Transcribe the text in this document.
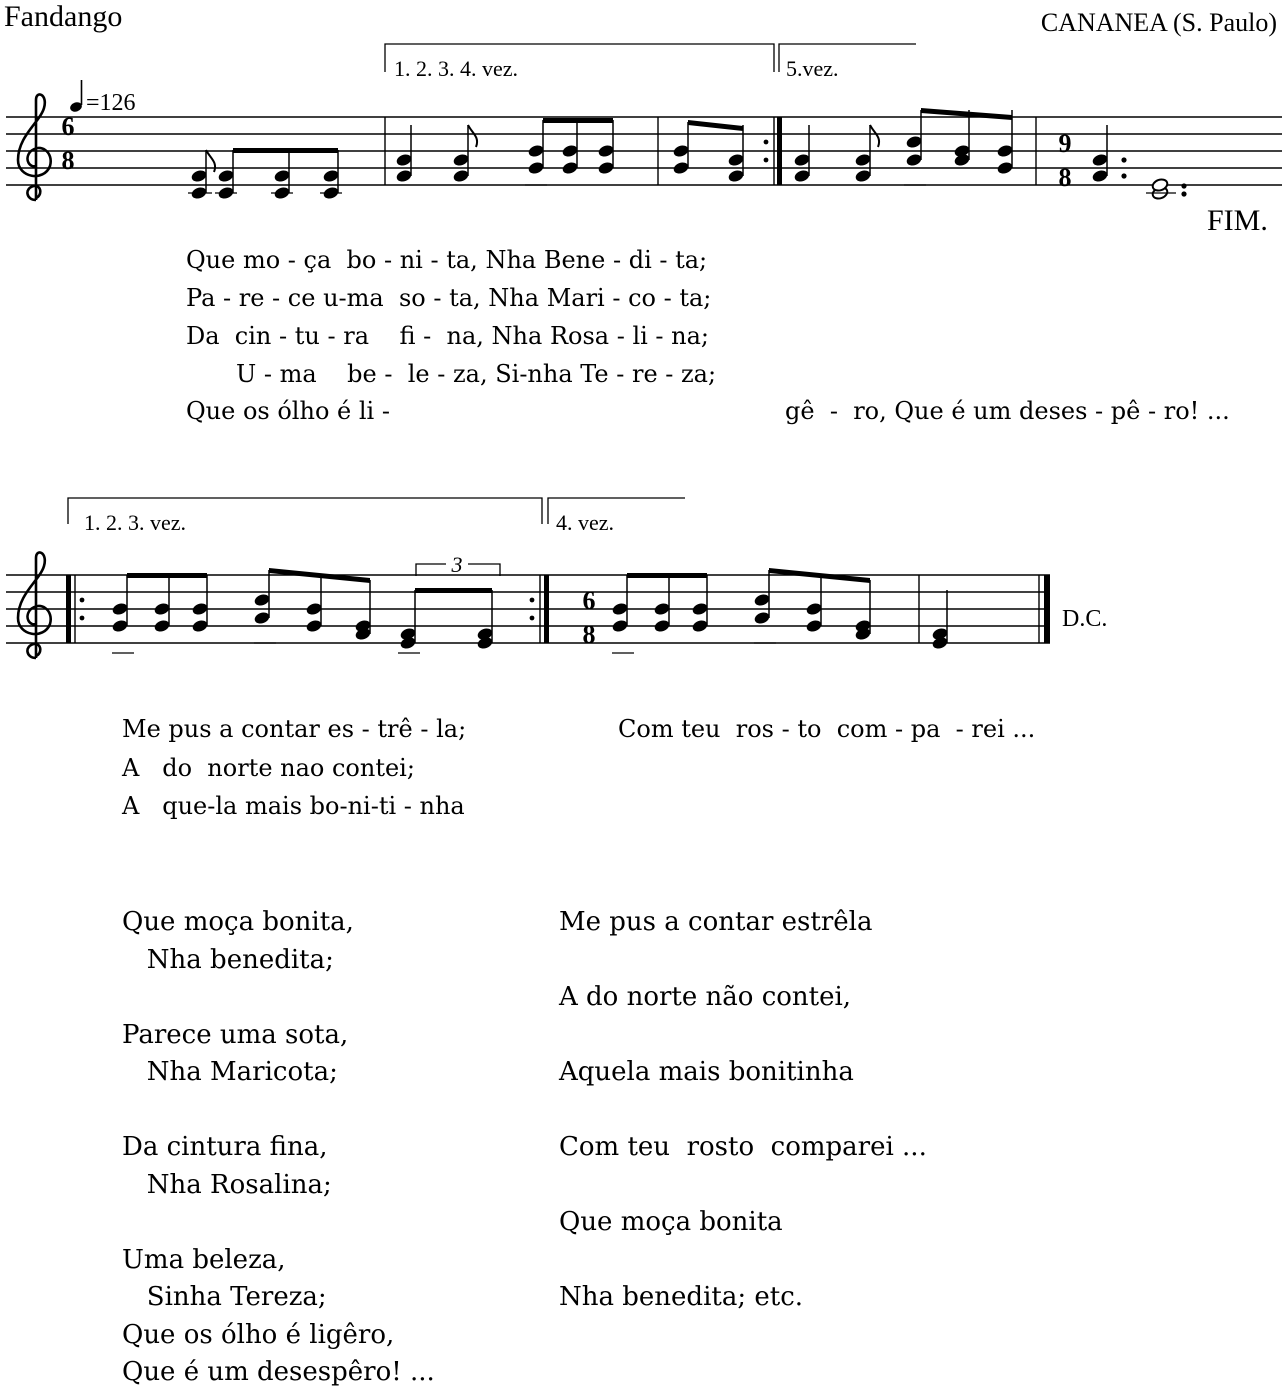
Fandango	CANANEA (S. Paulo)
6
8
=126
1. 2. 3. 4. vez.	5.vez.
9
8
FIM.
Que mo - ça  bo - ni - ta, Nha Bene - di - ta;
Pa - re - ce u-ma  so - ta, Nha Mari - co - ta;
Da  cin - tu - ra    fi -  na, Nha Rosa - li - na;
U - ma    be -  le - za, Si-nha Te - re - za;
Que os ólho é li -	gê  -  ro, Que é um deses - pê - ro! ...
1. 2. 3. vez.	4. vez.
6
8
3
D.C.
Me pus a contar es - trê - la;
A   do  norte nao contei;
A   que-la mais bo-ni-ti - nha
Com teu  ros - to  com - pa  - rei ...
Que moça bonita,
Nha benedita;
Parece uma sota,
Nha Maricota;
Da cintura fina,
Nha Rosalina;
Uma beleza,
Sinha Tereza;
Que os ólho é ligêro,
Que é um desespêro! ...
Me pus a contar estrêla
A do norte não contei,
Aquela mais bonitinha
Com teu  rosto  comparei ...
Que moça bonita
Nha benedita; etc.
